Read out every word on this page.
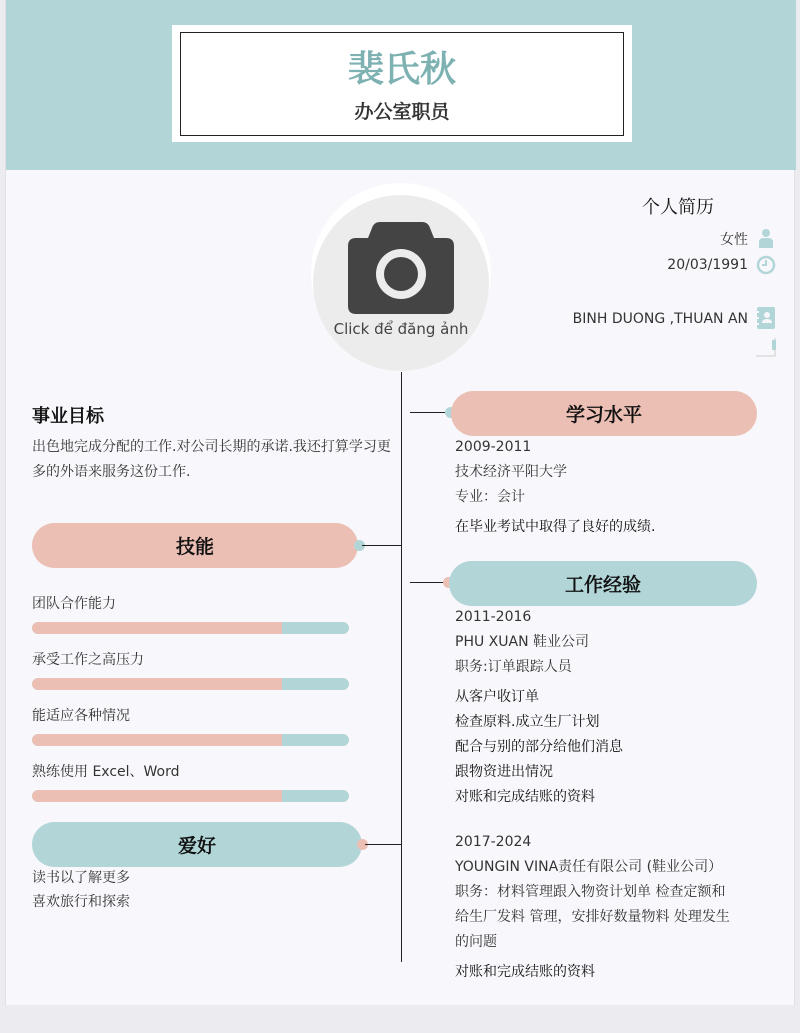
裴氏秋
办公室职员
Click để đăng ảnh
个人简历
女性
20/03/1991
BINH DUONG ,THUAN AN
事业目标
出色地完成分配的工作.对公司长期的承诺.我还打算学习更
多的外语来服务这份工作.
技能
团队合作能力
承受工作之高压力
能适应各种情况
熟练使用 Excel、Word
爱好
读书以了解更多
喜欢旅行和探索
学习水平
2009-2011
技术经济平阳大学
专业：会计
在毕业考试中取得了良好的成绩.
工作经验
2011-2016
PHU XUAN 鞋业公司
职务:订单跟踪人员
从客户收订单
检查原料.成立生厂计划
配合与别的部分给他们消息
跟物资进出情况
对账和完成结账的资料
2017-2024
YOUNGIN VINA责任有限公司 (鞋业公司）
职务：材料管理跟入物资计划单 检查定额和
给生厂发料 管理，安排好数量物料 处理发生
的问题
对账和完成结账的资料
